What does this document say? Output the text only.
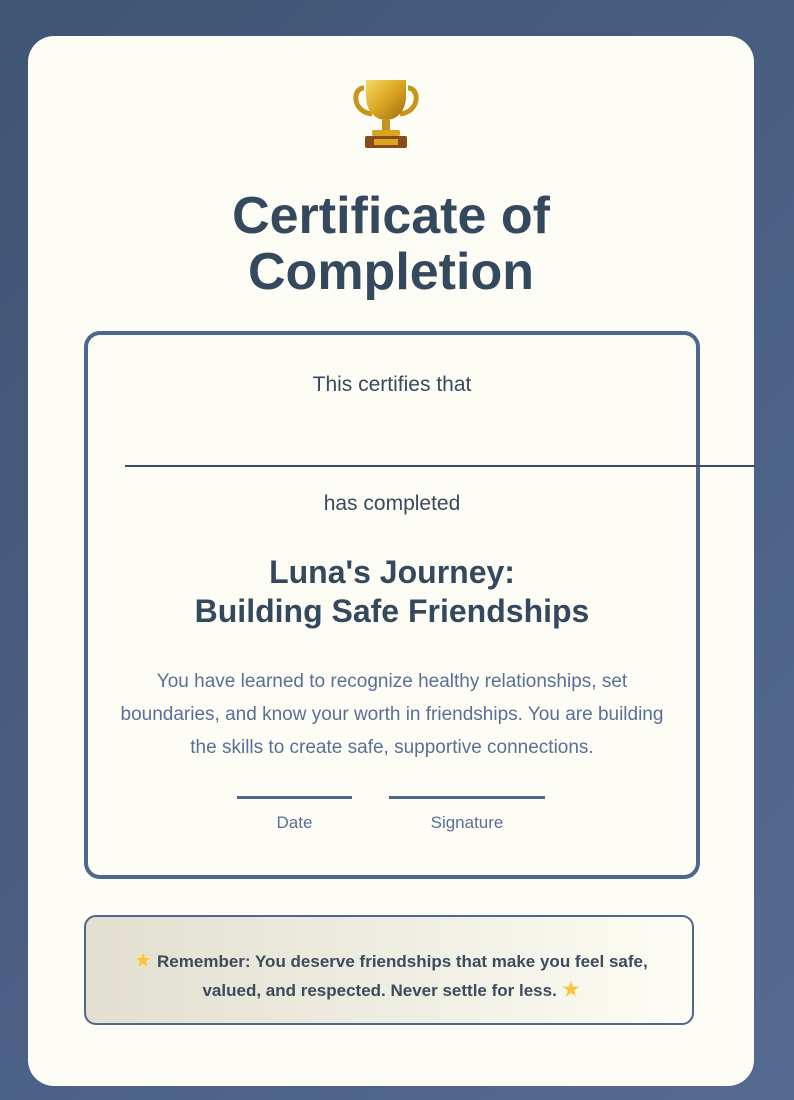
Certificate of
Completion
This certifies that
has completed
Luna's Journey:
Building Safe Friendships
You have learned to recognize healthy relationships, set boundaries, and know your worth in friendships. You are building the skills to create safe, supportive connections.
Date	Signature
Remember: You deserve friendships that make you feel safe, valued, and respected. Never settle for less.
